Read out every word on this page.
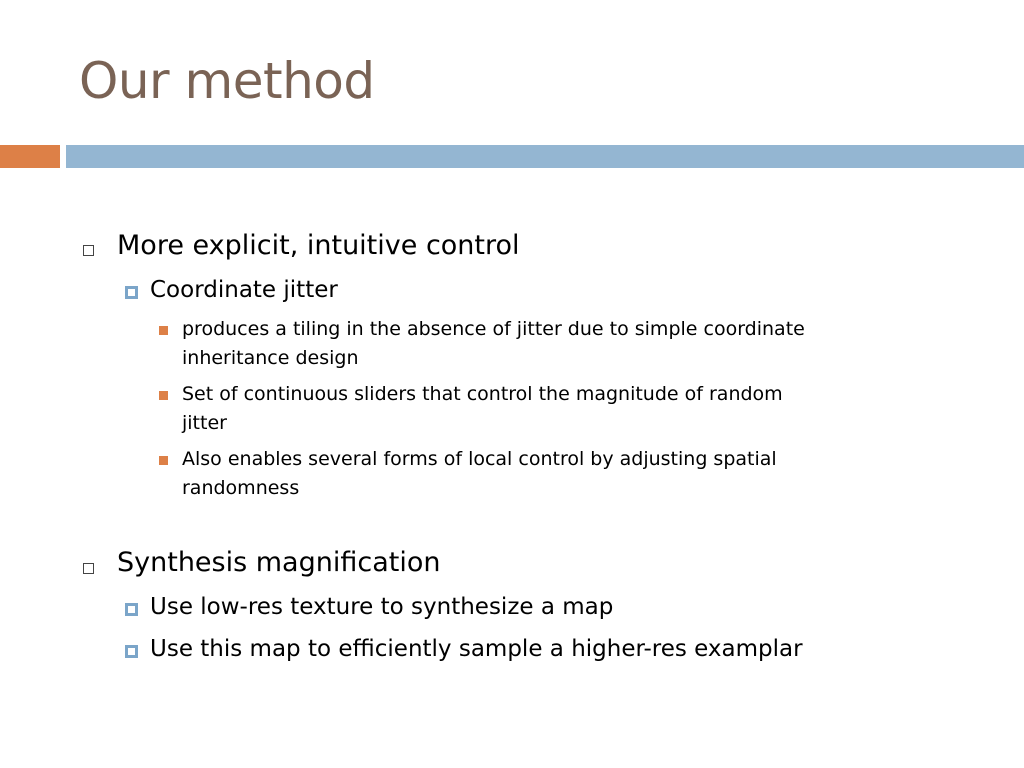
Our method
More explicit, intuitive control
Coordinate jitter
produces a tiling in the absence of jitter due to simple coordinate
inheritance design
Set of continuous sliders that control the magnitude of random
jitter
Also enables several forms of local control by adjusting spatial
randomness
Synthesis magnification
Use low-res texture to synthesize a map
Use this map to efficiently sample a higher-res examplar
